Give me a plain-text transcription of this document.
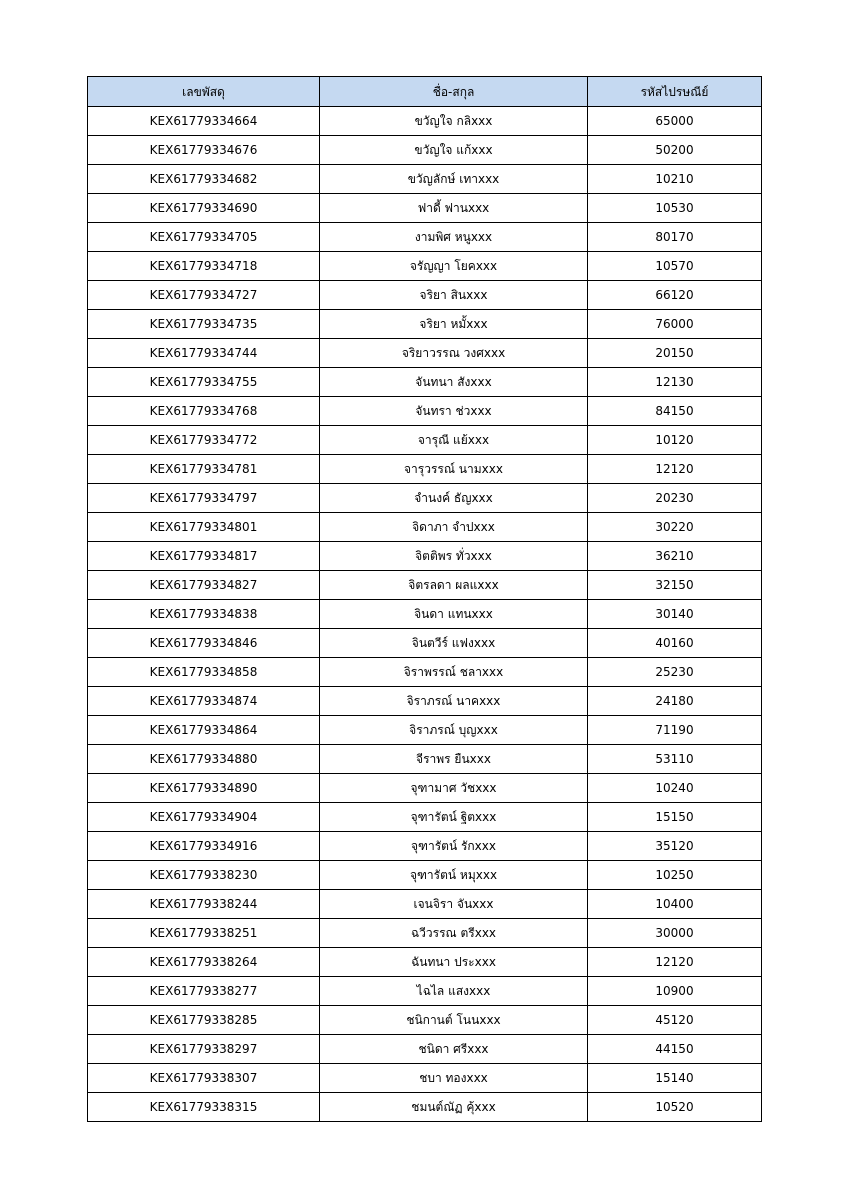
เลขพัสดุ	ชื่อ-สกุล	รหัสไปรษณีย์
KEX61779334664	ขวัญใจ กลิxxx	65000
KEX61779334676	ขวัญใจ แก้xxx	50200
KEX61779334682	ขวัญลักษ์ เทาxxx	10210
KEX61779334690	ฟาดี้ ฟานxxx	10530
KEX61779334705	งามพิศ หนูxxx	80170
KEX61779334718	จรัญญา โยคxxx	10570
KEX61779334727	จริยา สินxxx	66120
KEX61779334735	จริยา หมั้xxx	76000
KEX61779334744	จริยาวรรณ วงศxxx	20150
KEX61779334755	จันทนา สังxxx	12130
KEX61779334768	จันทรา ช่วxxx	84150
KEX61779334772	จารุณี แย้xxx	10120
KEX61779334781	จารุวรรณ์ นามxxx	12120
KEX61779334797	จำนงค์ ธัญxxx	20230
KEX61779334801	จิดาภา จำปxxx	30220
KEX61779334817	จิตติพร ทั่วxxx	36210
KEX61779334827	จิตรลดา ผลแxxx	32150
KEX61779334838	จินดา แทนxxx	30140
KEX61779334846	จินตวีร์ แฟงxxx	40160
KEX61779334858	จิราพรรณ์ ชลาxxx	25230
KEX61779334874	จิราภรณ์ นาคxxx	24180
KEX61779334864	จิราภรณ์ บุญxxx	71190
KEX61779334880	จีราพร ยืนxxx	53110
KEX61779334890	จุฑามาศ วัชxxx	10240
KEX61779334904	จุฑารัตน์ ฐิตxxx	15150
KEX61779334916	จุฑารัตน์ รักxxx	35120
KEX61779338230	จุฑารัตน์ หมุxxx	10250
KEX61779338244	เจนจิรา จันxxx	10400
KEX61779338251	ฉวีวรรณ ตรีxxx	30000
KEX61779338264	ฉันทนา ประxxx	12120
KEX61779338277	ไฉไล แสงxxx	10900
KEX61779338285	ชนิกานต์ โนนxxx	45120
KEX61779338297	ชนิดา ศรีxxx	44150
KEX61779338307	ชบา ทองxxx	15140
KEX61779338315	ชมนต์ณัฏ คุ้xxx	10520
